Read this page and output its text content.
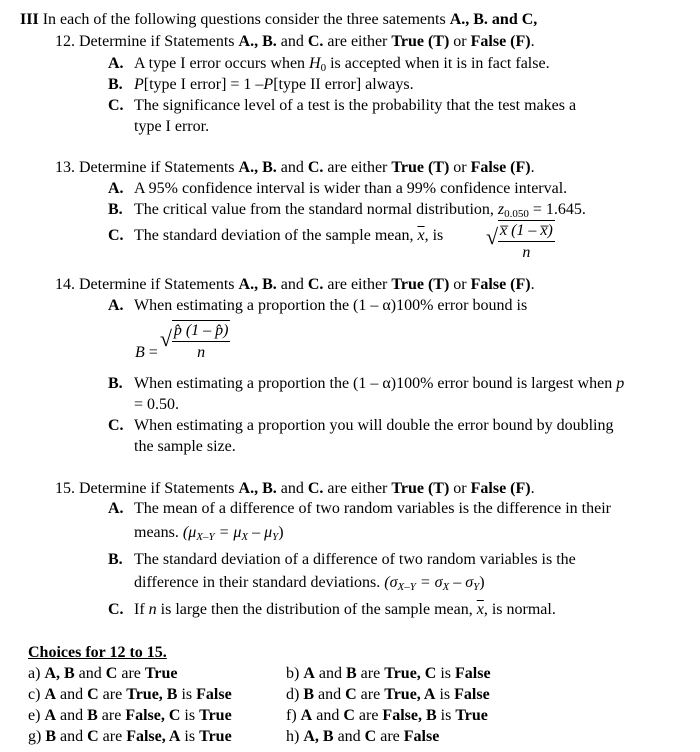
III In each of the following questions consider the three satements A., B. and C,
12. Determine if Statements A., B. and C. are either True (T) or False (F).
A. A type I error occurs when H0 is accepted when it is in fact false.
B. P[type I error] = 1 –P[type II error] always.
C. The significance level of a test is the probability that the test makes a
type I error.
13. Determine if Statements A., B. and C. are either True (T) or False (F).
A. A 95% confidence interval is wider than a 99% confidence interval.
B. The critical value from the standard normal distribution, z0.050 = 1.645.
C. The standard deviation of the sample mean, $\overline{x}$, is √ $\frac{x̅ (1 - x̅)}{n}$
14. Determine if Statements A., B. and C. are either True (T) or False (F).
A. When estimating a proportion the (1 – α)100% error bound is
B =
√ $\frac{p̂ (1 - p̂)}{n}$
B. When estimating a proportion the (1 – α)100% error bound is largest when p
= 0.50.
C. When estimating a proportion you will double the error bound by doubling
the sample size.
15. Determine if Statements A., B. and C. are either True (T) or False (F).
A. The mean of a difference of two random variables is the difference in their
means. (μX–Y = μX – μY)
B. The standard deviation of a difference of two random variables is the
difference in their standard deviations. (σX–Y = σX – σY)
C. If n is large then the distribution of the sample mean, $\overline{x}$, is normal.
Choices for 12 to 15.
a) A, B and C are True	b) A and B are True, C is False
c) A and C are True, B is False	d) B and C are True, A is False
e) A and B are False, C is True	f) A and C are False, B is True
g) B and C are False, A is True	h) A, B and C are False
